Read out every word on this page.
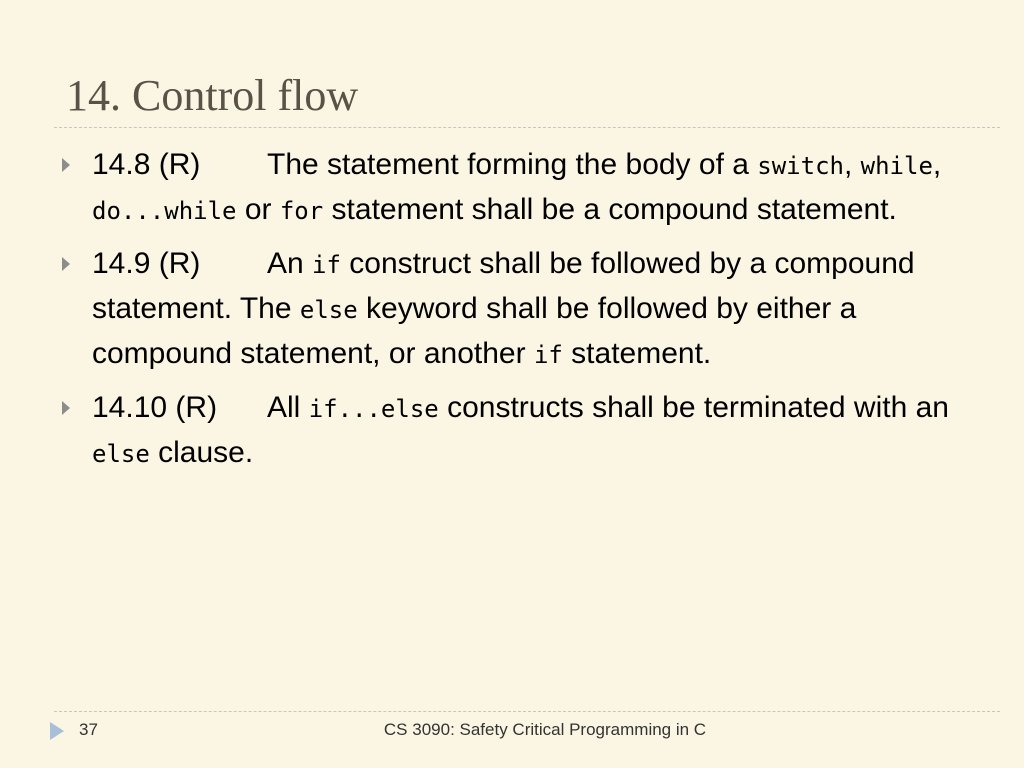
14. Control flow
14.8 (R) The statement forming the body of a switch, while, do...while or for statement shall be a compound statement.
14.9 (R) An if construct shall be followed by a compound statement. The else keyword shall be followed by either a compound statement, or another if statement.
14.10 (R) All if...else constructs shall be terminated with an else clause.
37	CS 3090: Safety Critical Programming in C
